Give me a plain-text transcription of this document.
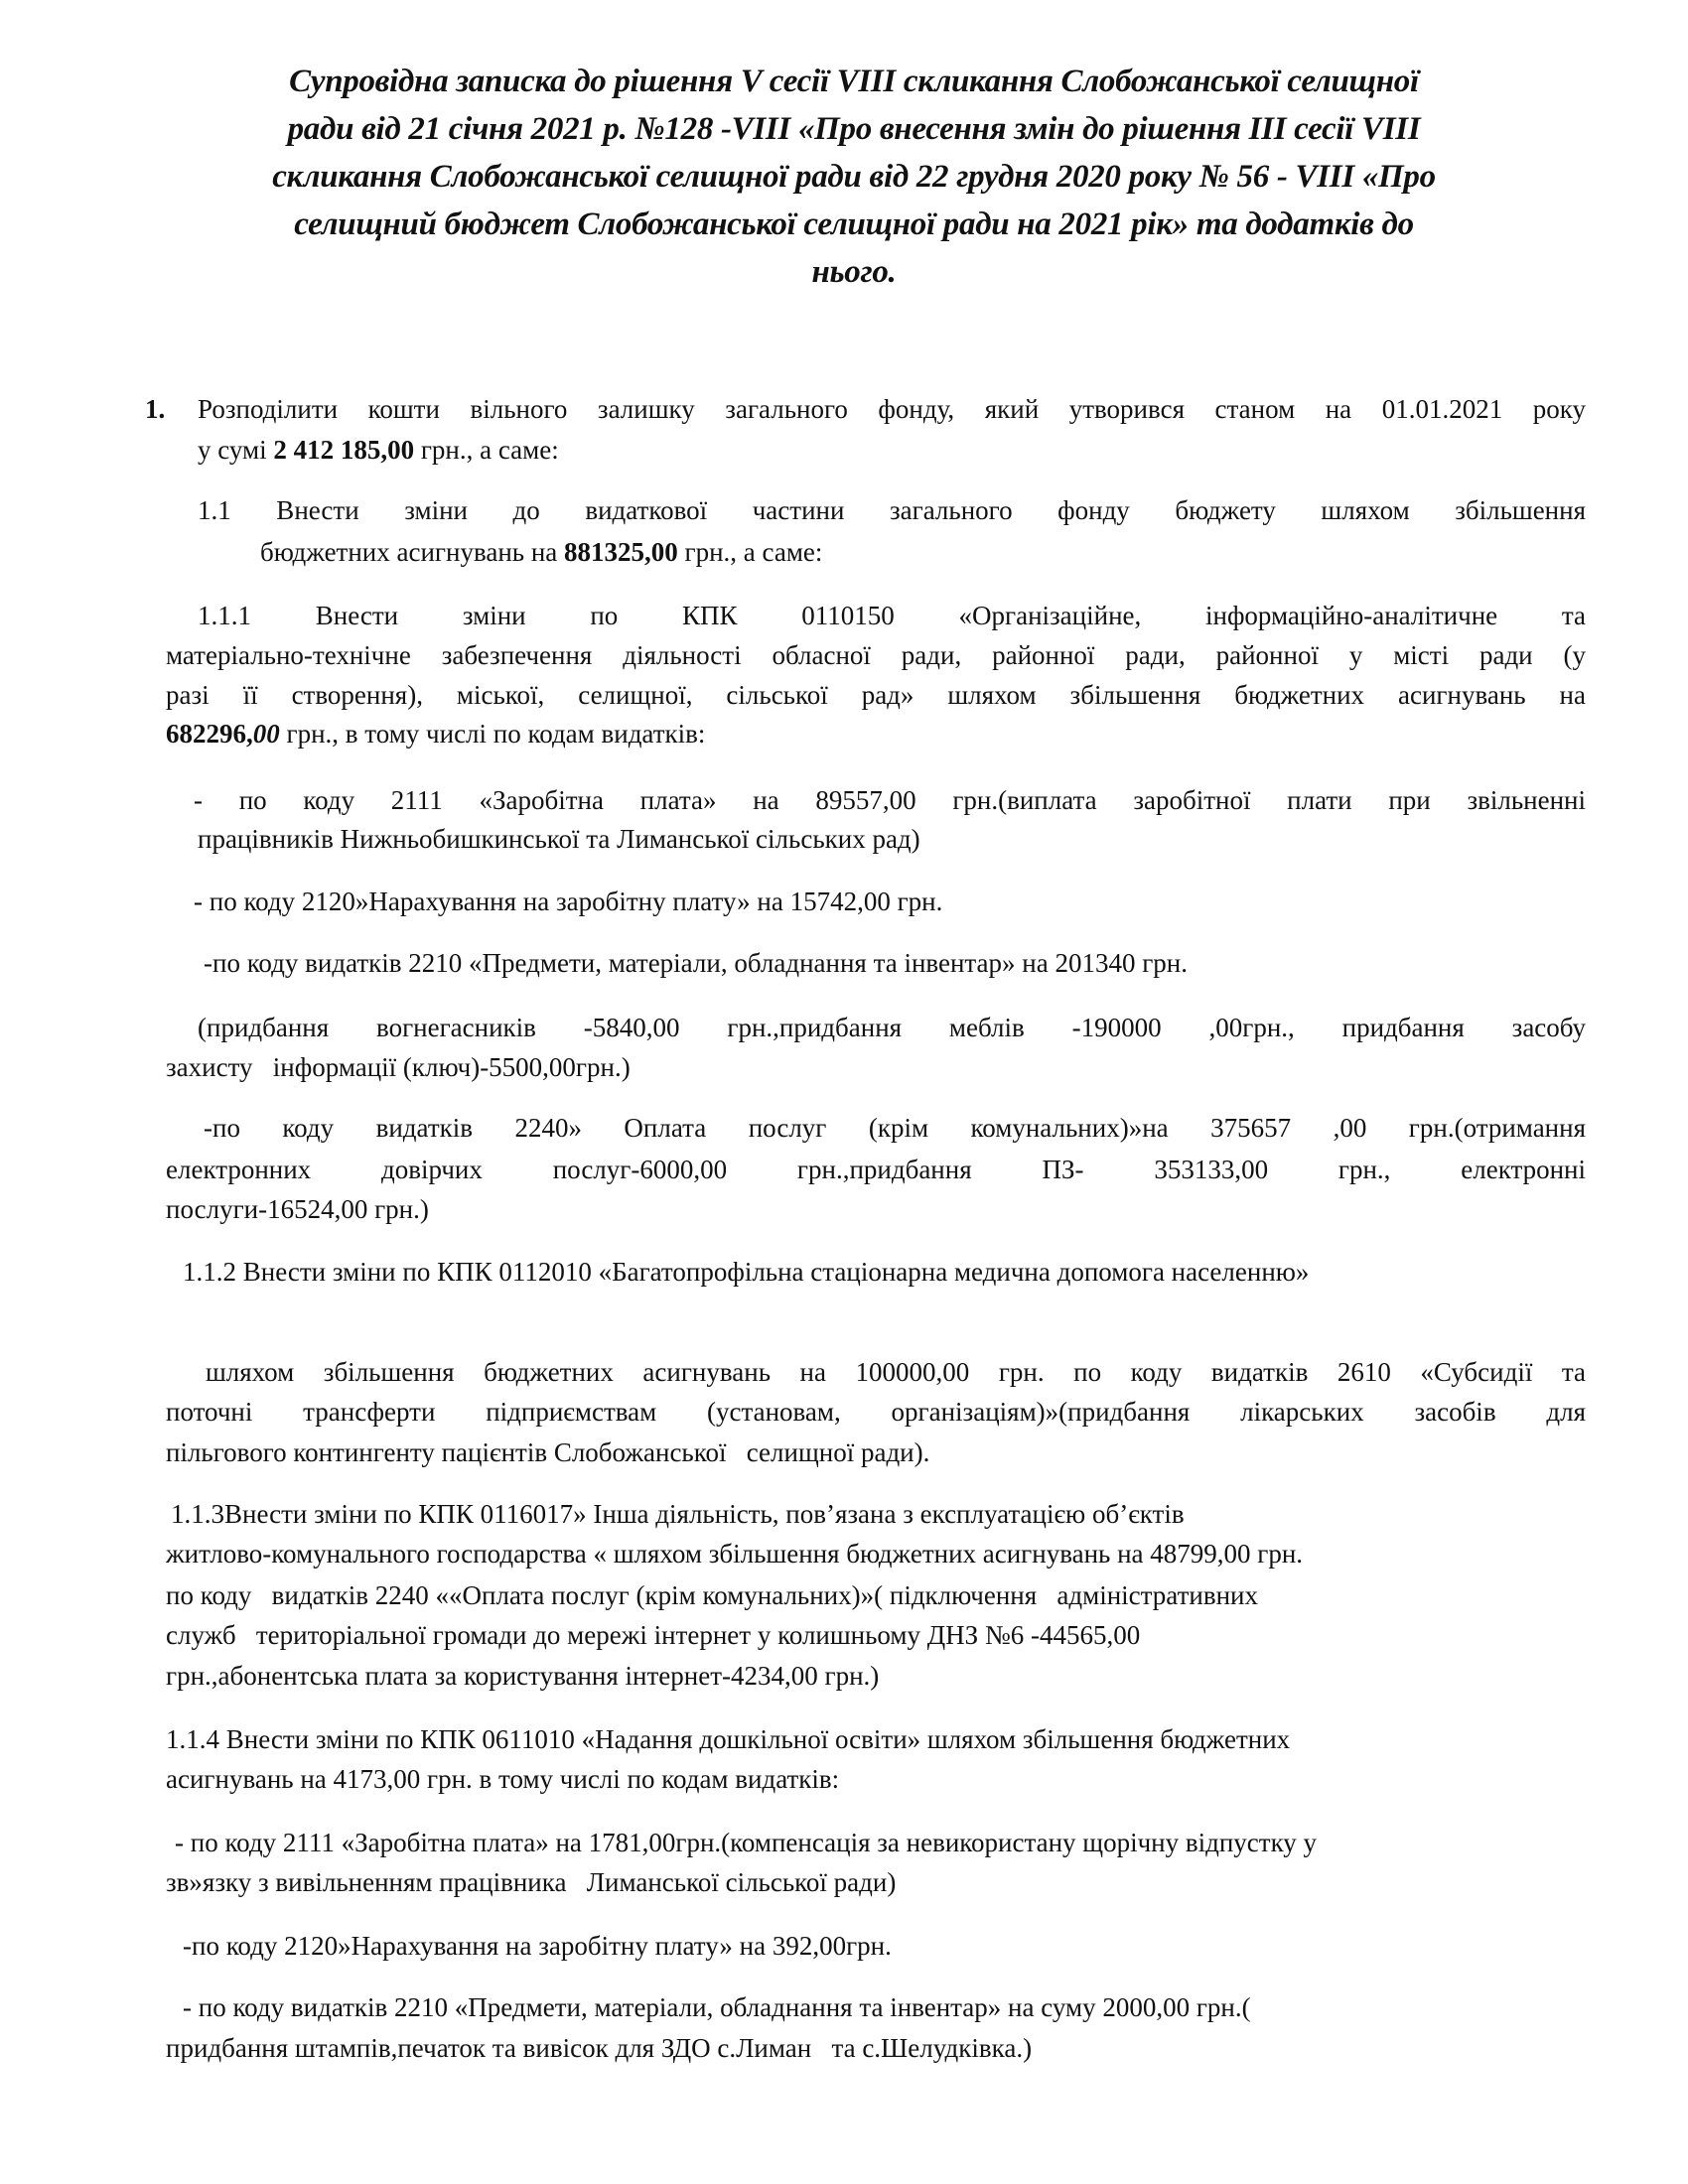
Супровідна записка до рішення V сесії VIII скликання Слобожанської селищної
ради від 21 січня 2021 р. №128 -VIII «Про внесення змін до рішення III сесії VIII
скликання Слобожанської селищної ради від 22 грудня 2020 року № 56 - VIII «Про
селищний бюджет Слобожанської селищної ради на 2021 рік» та додатків до
нього.
1. Розподілити кошти вільного залишку загального фонду, який утворився станом на 01.01.2021 року
у сумі 2 412 185,00 грн., а саме:
1.1 Внести зміни до видаткової частини загального фонду бюджету шляхом збільшення
бюджетних асигнувань на 881325,00 грн., а саме:
1.1.1 Внести зміни по КПК 0110150 «Організаційне, інформаційно-аналітичне та
матеріально-технічне забезпечення діяльності обласної ради, районної ради, районної у місті ради (у
разі її створення), міської, селищної, сільської рад» шляхом збільшення бюджетних асигнувань на
682296,00 грн., в тому числі по кодам видатків:
- по коду 2111 «Заробітна плата» на 89557,00 грн.(виплата заробітної плати при звільненні
працівників Нижньобишкинської та Лиманської сільських рад)
- по коду 2120»Нарахування на заробітну плату» на 15742,00 грн.
-по коду видатків 2210 «Предмети, матеріали, обладнання та інвентар» на 201340 грн.
(придбання вогнегасників -5840,00 грн.,придбання меблів -190000 ,00грн., придбання засобу
захисту   інформації (ключ)-5500,00грн.)
-по коду видатків 2240» Оплата послуг (крім комунальних)»на 375657 ,00 грн.(отримання
електронних довірчих послуг-6000,00 грн.,придбання ПЗ- 353133,00 грн., електронні
послуги-16524,00 грн.)
1.1.2 Внести зміни по КПК 0112010 «Багатопрофільна стаціонарна медична допомога населенню»
шляхом збільшення бюджетних асигнувань на 100000,00 грн. по коду видатків 2610 «Субсидії та
поточні трансферти підприємствам (установам, організаціям)»(придбання лікарських засобів для
пільгового контингенту пацієнтів Слобожанської   селищної ради).
1.1.3Внести зміни по КПК 0116017» Інша діяльність, пов’язана з експлуатацією об’єктів
житлово-комунального господарства « шляхом збільшення бюджетних асигнувань на 48799,00 грн.
по коду   видатків 2240 ««Оплата послуг (крім комунальних)»( підключення   адміністративних
служб   територіальної громади до мережі інтернет у колишньому ДНЗ №6 -44565,00
грн.,абонентська плата за користування інтернет-4234,00 грн.)
1.1.4 Внести зміни по КПК 0611010 «Надання дошкільної освіти» шляхом збільшення бюджетних
асигнувань на 4173,00 грн. в тому числі по кодам видатків:
- по коду 2111 «Заробітна плата» на 1781,00грн.(компенсація за невикористану щорічну відпустку у
зв»язку з вивільненням працівника   Лиманської сільської ради)
-по коду 2120»Нарахування на заробітну плату» на 392,00грн.
- по коду видатків 2210 «Предмети, матеріали, обладнання та інвентар» на суму 2000,00 грн.(
придбання штампів,печаток та вивісок для ЗДО с.Лиман   та с.Шелудківка.)
